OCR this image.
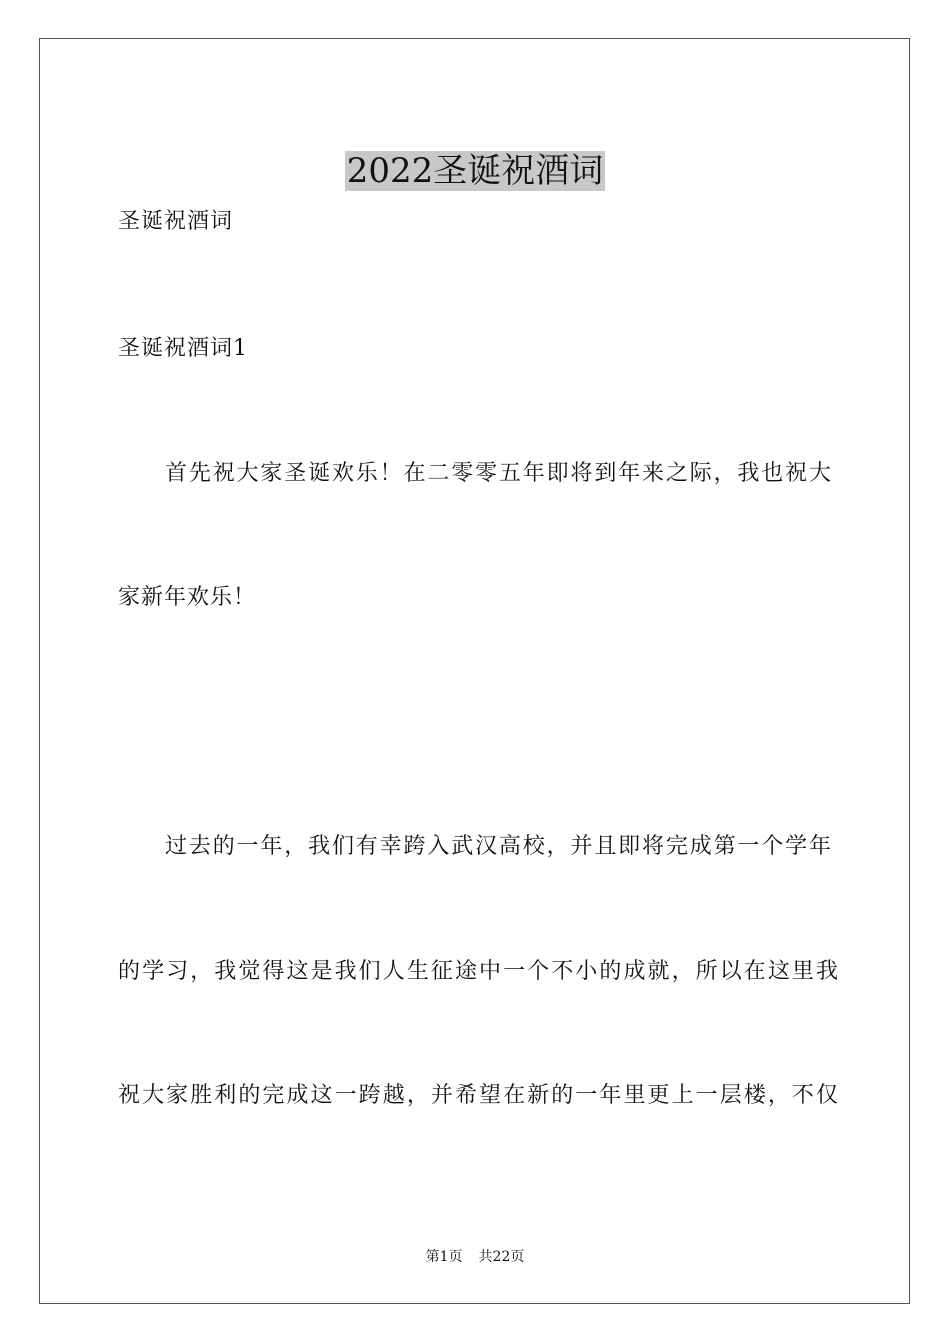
2022圣诞祝酒词
圣诞祝酒词
圣诞祝酒词1
首先祝大家圣诞欢乐！在二零零五年即将到年来之际，我也祝大
家新年欢乐！
过去的一年，我们有幸跨入武汉高校，并且即将完成第一个学年
的学习，我觉得这是我们人生征途中一个不小的成就，所以在这里我
祝大家胜利的完成这一跨越，并希望在新的一年里更上一层楼，不仅
第1页 共22页
